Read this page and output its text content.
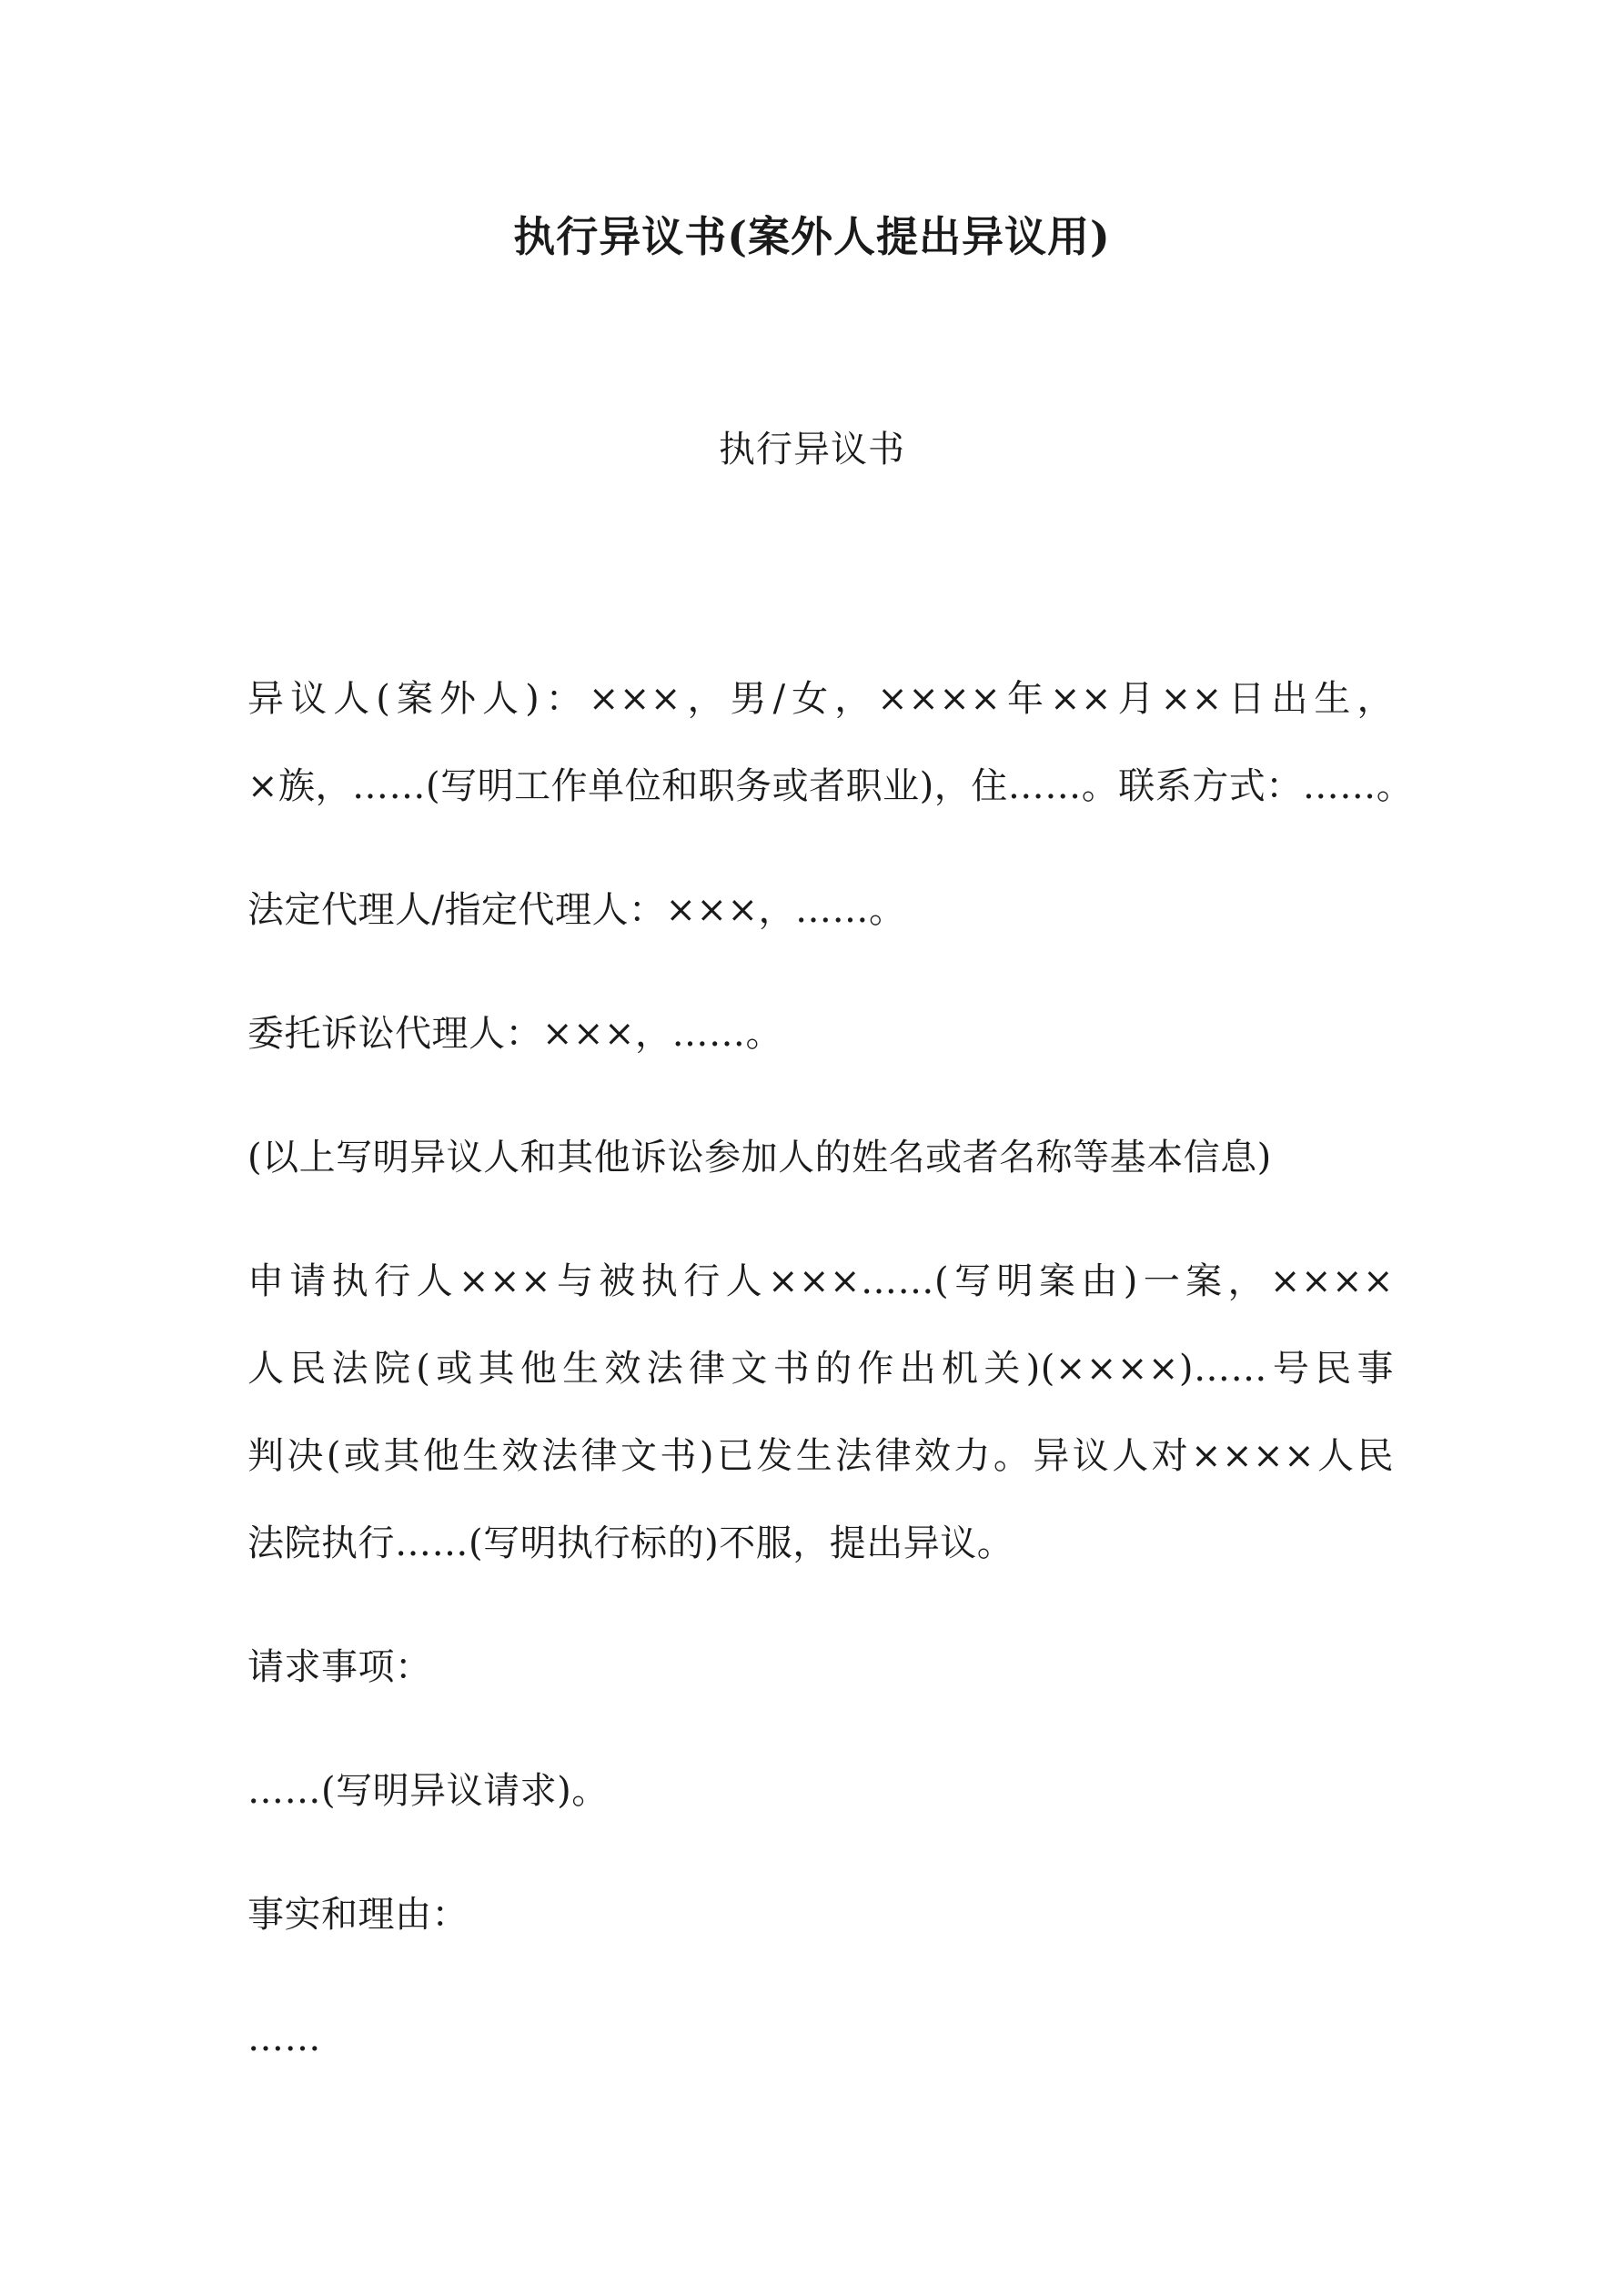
执行异议书(案外人提出异议用)
执行异议书
异议人(案外人)：×××，男/女，××××年××月××日出生，
×族，……(写明工作单位和职务或者职业)，住……。联系方式：……。
法定代理人/指定代理人：×××，……。
委托诉讼代理人：×××，……。
(以上写明异议人和其他诉讼参加人的姓名或者名称等基本信息)
申请执行人×××与被执行人×××……(写明案由)一案，××××
人民法院(或其他生效法律文书的作出机关)(××××)……号民事
判决(或其他生效法律文书)已发生法律效力。异议人对××××人民
法院执行……(写明执行标的)不服，提出异议。
请求事项：
……(写明异议请求)。
事实和理由：
……
